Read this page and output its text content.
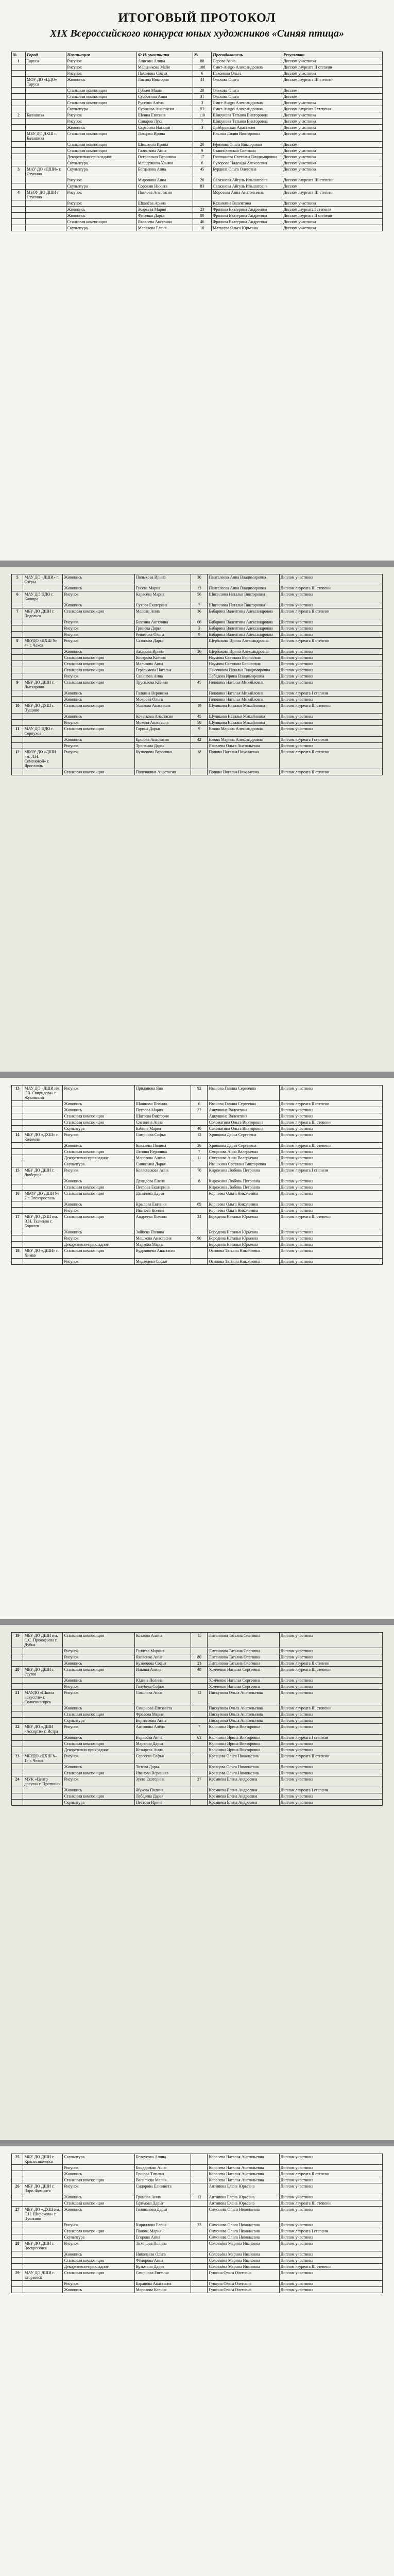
ИТОГОВЫЙ ПРОТОКОЛ
XIX Всероссийского конкурса юных художников «Синяя птица»
№	Город	Номинация	Ф.И. участника	№	Преподаватель	Результат
1	Таруса	Рисунок	Алисова Алина	88	Серова Анна	Диплом участника
		Рисунок	Мельникова Майя	108	Смит-Андрэ Александровна	Диплом лауреата II степени
		Рисунок	Пахомова Софья	6	Пахомова Ольга	Диплом участника
	МОУ ДО «ЦДО» Таруса	Живопись	Лисина Виктория	44	Ольхова Ольга	Диплом лауреата III степени
		Станковая композиция	Губьен Маша	28	Ольхова Ольга	Диплом
		Станковая композиция	Субботина Анна	31	Ольхова Ольга	Диплом
		Станковая композиция	Руссова Алёна	3	Смит-Андрэ Александровна	Диплом участника
		Скульптура	Сурикова Анастасия	93	Смит-Андрэ Александровна	Диплом лауреата I степени
2	Балашиха	Рисунок	Шеина Евгения	110	Шикунова Татьяна Викторовна	Диплом участника
		Рисунок	Сипаров Лука	7	Шикунова Татьяна Викторовна	Диплом участника
		Живопись	Скрябина Наталья	3	Домбровская Анастасия	Диплом участника
	МБУ ДО ДХШ г. Балашиха	Станковая композиция	Ловцова Ирина		Ильина Лидия Викторовна	Диплом участника
		Станковая композиция	Шишкина Ирина	20	Ефимова Ольга Викторовна	Диплом
		Станковая композиция	Галицкова Анна	9	Станиславская Светлана	Диплом участника
		Декоративно-прикладное	Островская Вероника	17	Головинова Светлана Владимировна	Диплом участника
		Скульптура	Мещерякова Ульяна	6	Суворова Надежда Алексеевна	Диплом участника
3	МАУ ДО «ДШИ» г. Ступино	Скульптура	Богданова Анна	45	Бурдина Ольга Олеговна	Диплом участника
		Рисунок	Миронова Анна	20	Салахиева Айгуль Ильшатовна	Диплом лауреата III степени
		Скульптура	Сорокин Никита	83	Салахиева Айгуль Ильшатовна	Диплом
4	МБОУ ДО ДШИ г. Ступино	Рисунок	Павлова Анастасия		Морозова Анна Анатольевна	Диплом лауреата III степени
		Рисунок	Шкалёва Арина		Казанкина Валентина	Диплом участника
		Живопись	Жиряева Мария	23	Фролова Екатерина Андреевна	Диплом лауреата I степени
		Живопись	Фисенко Дарья	80	Фролова Екатерина Андреевна	Диплом лауреата II степени
		Станковая композиция	Яковлева Ангелина	46	Фролова Екатерина Андреевна	Диплом участника
		Скульптура	Малахова Елена	10	Матвеева Ольга Юрьевна	Диплом участника

5	МАУ ДО «ДШИ» г. Озёры	Живопись	Полыхова Ирина	30	Пантелеева Анна Владимировна	Диплом участника
		Живопись	Гусева Мария	13	Пантелеева Анна Владимировна	Диплом лауреата III степени
6	МАУ ДО ЦДО г. Кашира	Рисунок	Карасёва Мария	56	Шипилина Наталья Викторовна	Диплом участника
		Живопись	Сухова Екатерина	7	Шипилина Наталья Викторовна	Диплом участника
7	МБУ ДО ДШИ г. Подольск	Станковая композиция	Мелоян Анна	36	Бабарина Валентина Александровна	Диплом лауреата II степени
		Рисунок	Бахтина Ангелина	66	Бабарина Валентина Александровна	Диплом участника
		Рисунок	Гринева Дарья	3	Бабарина Валентина Александровна	Диплом участника
		Рисунок	Решетова Ольга	9	Бабарина Валентина Александровна	Диплом участника
8	МБУДО «ДХШ № 4» г. Чехов	Рисунок	Сазонова Дарья		Щербакова Ирина Александровна	Диплом лауреата II степени
		Живопись	Захарова Ирина	26	Щербакова Ирина Александровна	Диплом участника
		Станковая композиция	Кострова Ксения		Наумова Светлана Борисовна	Диплом участника
		Станковая композиция	Малькова Анна		Наумова Светлана Борисовна	Диплом участника
		Станковая композиция	Герасимова Наталья		Лысенкова Наталья Владимировна	Диплом участника
		Рисунок	Савинова Анна		Лебедева Ирина Владимировна	Диплом участника
9	МБУ ДО ДШИ г. Лыткарино	Станковая композиция	Трусилова Ксения	45	Головина Наталья Михайловна	Диплом участника
		Живопись	Галкина Вероника		Головина Наталья Михайловна	Диплом лауреата I степени
		Живопись	Мокрова Ольга		Головина Наталья Михайловна	Диплом участника
10	МБУ ДО ДХШ г. Пущино	Станковая композиция	Ушакова Анастасия	19	Шуликова Наталья Михайловна	Диплом лауреата III степени
		Живопись	Кочеткова Анастасия	45	Шуликова Наталья Михайловна	Диплом участника
		Рисунок	Мохова Анастасия	58	Шуликова Наталья Михайловна	Диплом участника
11	МАУ ДО ЦДО г. Серпухов	Станковая композиция	Гарина Дарья	9	Ежова Марина Александровна	Диплом участника
		Живопись	Ершова Анастасия	42	Ежова Марина Александровна	Диплом лауреата I степени
		Рисунок	Трипкина Дарья		Яковлева Ольга Анатольевна	Диплом участника
12	МБОУ ДО «ДШИ им. Л.Н. Семеновой» г. Ярославль	Рисунок	Кузнецова Вероника	18	Попова Наталья Николаевна	Диплом лауреата II степени
		Станковая композиция	Полушкина Анастасия		Попова Наталья Николаевна	Диплом лауреата II степени

13	МАУ ДО «ДШИ им. Г.В. Свиридова» г. Жуковский	Рисунок	Приданова Яна	92	Иванова Галина Сергеевна	Диплом участника
		Живопись	Шашкова Полина	6	Иванова Галина Сергеевна	Диплом лауреата II степени
		Живопись	Петрова Мария	22	Анкушина Валентина	Диплом участника
		Станковая композиция	Шатаева Виктория		Анкушина Валентина	Диплом участника
		Станковая композиция	Слезкина Анна		Соломатина Ольга Викторовна	Диплом лауреата III степени
		Скульптура	Бабина Мария	40	Соломатина Ольга Викторовна	Диплом участника
14	МБУ ДО «ДХШ» г. Коломна	Рисунок	Симонова Софья	12	Хрипкова Дарья Сергеевна	Диплом участника
		Живопись	Ковалева Полина	26	Хрипкова Дарья Сергеевна	Диплом лауреата III степени
		Станковая композиция	Ляпина Вероника	7	Смирнова Анна Валерьевна	Диплом участника
		Декоративно-прикладное	Морозова Алина	11	Смирнова Анна Валерьевна	Диплом участника
		Скульптура	Синицына Дарья		Ивашкина Светлана Викторовна	Диплом участника
15	МБУ ДО ДШИ г. Люберцы	Рисунок	Колесникова Анна	70	Кирюхина Любовь Петровна	Диплом лауреата I степени
		Живопись	Демидова Елена	8	Кирюхина Любовь Петровна	Диплом участника
		Станковая композиция	Петрова Екатерина		Кирюхина Любовь Петровна	Диплом участника
16	МБОУ ДО ДШИ № 2 г. Электросталь	Станковая композиция	Данилова Дарья		Корнеева Ольга Николаевна	Диплом участника
		Живопись	Крылова Евгения	69	Корнеева Ольга Николаевна	Диплом участника
		Рисунок	Иванова Ксения		Корнеева Ольга Николаевна	Диплом участника
17	МБУ ДО ДХШ им. В.Н. Ткаченко г. Королев	Станковая композиция	Андреева Полина	24	Бородина Наталья Юрьевна	Диплом лауреата III степени
		Живопись	Зайцева Полина		Бородина Наталья Юрьевна	Диплом участника
		Рисунок	Мешкова Анастасия	90	Бородина Наталья Юрьевна	Диплом участника
		Декоративно-прикладное	Маркова Мария		Бородина Наталья Юрьевна	Диплом участника
18	МБУ ДО «ДШИ» г. Химки	Станковая композиция	Кудрявцева Анастасия		Осипова Татьяна Николаевна	Диплом участника
		Рисунок	Медведева Софья		Осипова Татьяна Николаевна	Диплом участника

19	МБУ ДО ДШИ им. С.С. Прокофьева г. Дубна	Станковая композиция	Козлова Алина	15	Литвинова Татьяна Олеговна	Диплом участника
		Рисунок	Гуляева Марина		Литвинова Татьяна Олеговна	Диплом участника
		Рисунок	Яковенко Анна	80	Литвинова Татьяна Олеговна	Диплом участника
		Живопись	Кузнецова Софья	23	Литвинова Татьяна Олеговна	Диплом лауреата II степени
20	МБУ ДО ДШИ г. Реутов	Станковая композиция	Ильина Алина	48	Хомченко Наталья Сергеевна	Диплом лауреата III степени
		Живопись	Юдина Полина		Хомченко Наталья Сергеевна	Диплом участника
		Рисунок	Голубева Софья		Хомченко Наталья Сергеевна	Диплом участника
21	МАУДО «Школа искусств» г. Солнечногорск	Рисунок	Соколова Анна	12	Пискунова Ольга Анатольевна	Диплом участника
		Живопись	Смирнова Елизавета		Пискунова Ольга Анатольевна	Диплом лауреата III степени
		Станковая композиция	Фролова Мария		Пискунова Ольга Анатольевна	Диплом участника
		Скульптура	Бортникова Анна		Пискунова Ольга Анатольевна	Диплом участника
22	МБУ ДО «ДШИ «Ассорти» г. Истра	Рисунок	Антонова Алёна	7	Калинина Ирина Викторовна	Диплом участника
		Живопись	Борисова Анна	63	Калинина Ирина Викторовна	Диплом лауреата I степени
		Станковая композиция	Маркина Дарья		Калинина Ирина Викторовна	Диплом участника
		Декоративно-прикладное	Козырева Анна		Калинина Ирина Викторовна	Диплом участника
23	МБУДО «ДХШ № 1» г. Чехов	Рисунок	Сергеева Софья		Кравцова Ольга Николаевна	Диплом лауреата II степени
		Живопись	Титова Дарья		Кравцова Ольга Николаевна	Диплом участника
		Станковая композиция	Иванова Вероника		Кравцова Ольга Николаевна	Диплом участника
24	МУК «Центр досуга» г. Протвино	Рисунок	Зуева Екатерина	27	Кремнева Елена Андреевна	Диплом участника
		Живопись	Жукова Полина		Кремнева Елена Андреевна	Диплом лауреата I степени
		Станковая композиция	Лебедева Дарья		Кремнева Елена Андреевна	Диплом участника
		Скульптура	Пестова Ирина		Кремнева Елена Андреевна	Диплом участника

25	МБУ ДО ДШИ г. Краснознаменск	Скульптура	Белоусова Алина		Королева Наталья Анатольевна	Диплом участника
		Рисунок	Бондаренко Анна		Королева Наталья Анатольевна	Диплом участника
		Живопись	Ершова Татьяна		Королева Наталья Анатольевна	Диплом лауреата II степени
		Станковая композиция	Васильева Мария		Королева Наталья Анатольевна	Диплом участника
26	МБУ ДО ДШИ г. Наро-Фоминск	Рисунок	Сидорова Елизавета		Антипова Елена Юрьевна	Диплом участника
		Живопись	Громова Анна	12	Антипова Елена Юрьевна	Диплом участника
		Станковая композиция	Ефимова Дарья		Антипова Елена Юрьевна	Диплом лауреата III степени
27	МБУ ДО «ДХШ им. Е.Н. Широкова» г. Пушкино	Живопись	Голованова Дарья		Симонова Ольга Николаевна	Диплом участника
		Рисунок	Кириллова Елена	33	Симонова Ольга Николаевна	Диплом участника
		Станковая композиция	Панова Мария		Симонова Ольга Николаевна	Диплом лауреата I степени
		Скульптура	Егорова Анна		Симонова Ольга Николаевна	Диплом участника
28	МБУ ДО ДШИ г. Воскресенск	Рисунок	Тихонова Полина		Соловьёва Марина Ивановна	Диплом участника
		Живопись	Николаева Ольга		Соловьёва Марина Ивановна	Диплом участника
		Станковая композиция	Фёдорова Анна		Соловьёва Марина Ивановна	Диплом участника
		Декоративно-прикладное	Кузьмина Дарья		Соловьёва Марина Ивановна	Диплом лауреата III степени
29	МАУ ДО ДШИ г. Егорьевск	Станковая композиция	Смирнова Евгения		Гущина Ольга Олеговна	Диплом участника
		Рисунок	Баранова Анастасия		Гущина Ольга Олеговна	Диплом участника
		Живопись	Морозова Ксения		Гущина Ольга Олеговна	Диплом участника
